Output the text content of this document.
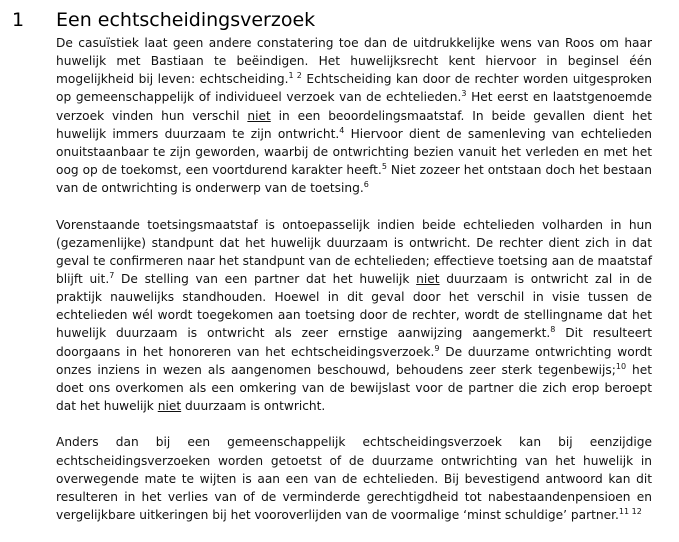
1	Een echtscheidingsverzoek

De casuïstiek laat geen andere constatering toe dan de uitdrukkelijke wens van Roos om haar huwelijk met Bastiaan te beëindigen. Het huwelijksrecht kent hiervoor in beginsel één mogelijkheid bij leven: echtscheiding.$^{1 2}$ Echtscheiding kan door de rechter worden uitgesproken op gemeenschappelijk of individueel verzoek van de echtelieden.$^3$ Het eerst en laatstgenoemde verzoek vinden hun verschil niet in een beoordelingsmaatstaf. In beide gevallen dient het huwelijk immers duurzaam te zijn ontwricht.$^4$ Hiervoor dient de samenleving van echtelieden onuitstaanbaar te zijn geworden, waarbij de ontwrichting bezien vanuit het verleden en met het oog op de toekomst, een voortdurend karakter heeft.$^5$ Niet zozeer het ontstaan doch het bestaan van de ontwrichting is onderwerp van de toetsing.$^6$

Vorenstaande toetsingsmaatstaf is ontoepasselijk indien beide echtelieden volharden in hun (gezamenlijke) standpunt dat het huwelijk duurzaam is ontwricht. De rechter dient zich in dat geval te confirmeren naar het standpunt van de echtelieden; effectieve toetsing aan de maatstaf blijft uit.$^7$ De stelling van een partner dat het huwelijk niet duurzaam is ontwricht zal in de praktijk nauwelijks standhouden. Hoewel in dit geval door het verschil in visie tussen de echtelieden wél wordt toegekomen aan toetsing door de rechter, wordt de stellingname dat het huwelijk duurzaam is ontwricht als zeer ernstige aanwijzing aangemerkt.$^8$ Dit resulteert doorgaans in het honoreren van het echtscheidingsverzoek.$^9$ De duurzame ontwrichting wordt onzes inziens in wezen als aangenomen beschouwd, behoudens zeer sterk tegenbewijs;$^{10}$ het doet ons overkomen als een omkering van de bewijslast voor de partner die zich erop beroept dat het huwelijk niet duurzaam is ontwricht.

Anders dan bij een gemeenschappelijk echtscheidingsverzoek kan bij eenzijdige echtscheidingsverzoeken worden getoetst of de duurzame ontwrichting van het huwelijk in overwegende mate te wijten is aan een van de echtelieden. Bij bevestigend antwoord kan dit resulteren in het verlies van of de verminderde gerechtigdheid tot nabestaandenpensioen en vergelijkbare uitkeringen bij het vooroverlijden van de voormalige ‘minst schuldige’ partner.$^{11 12}$
